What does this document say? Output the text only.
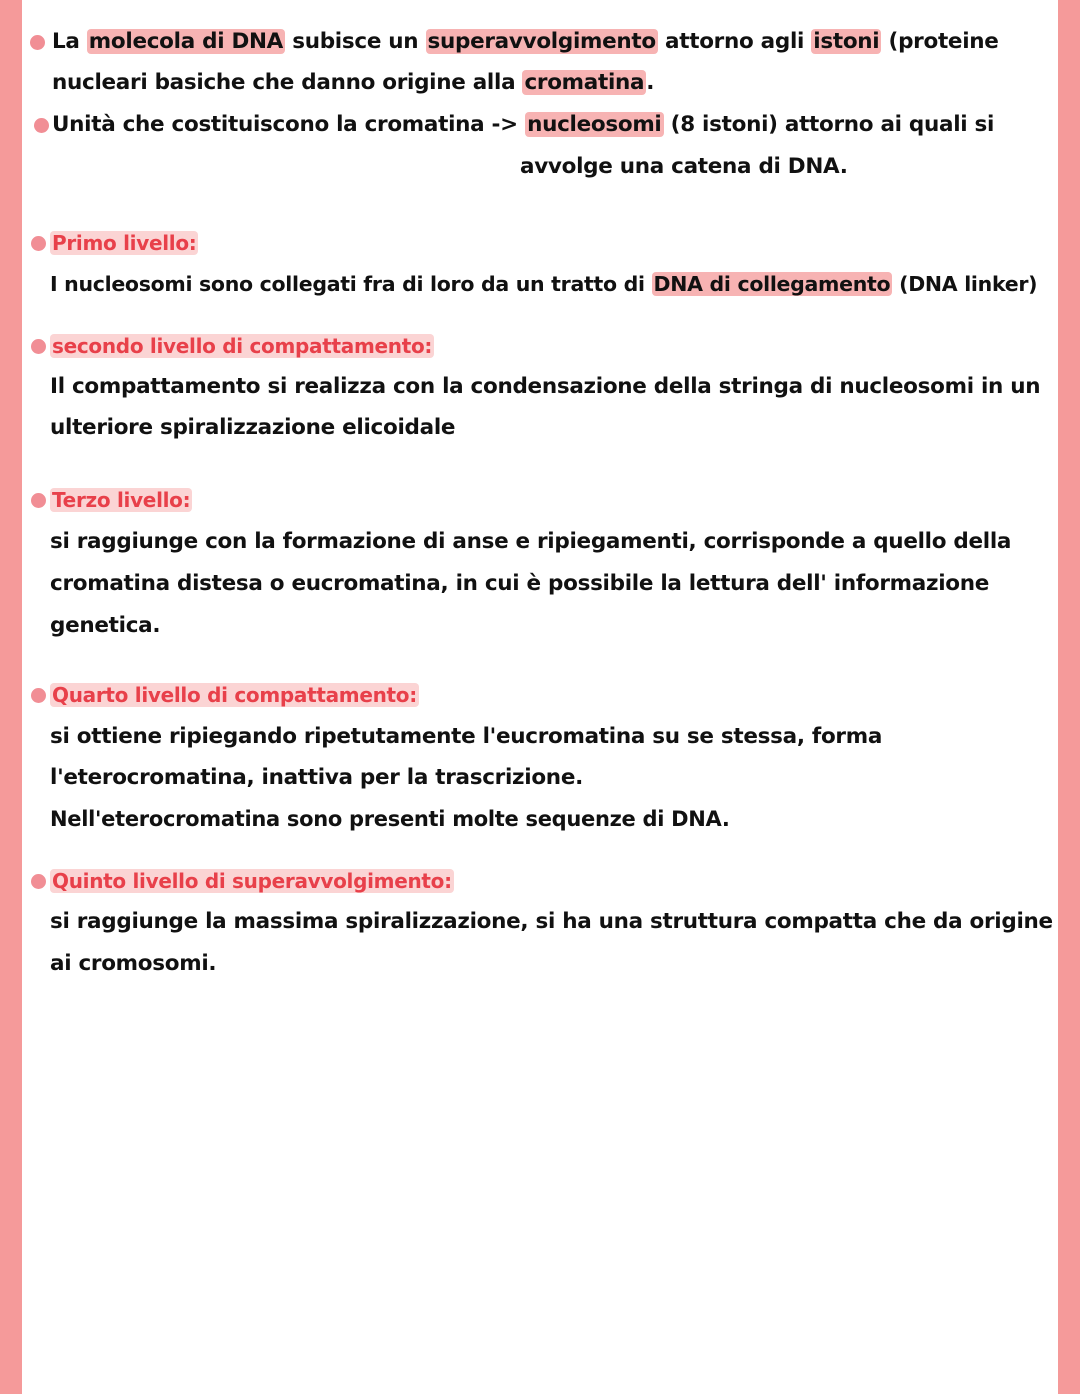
La molecola di DNA subisce un superavvolgimento attorno agli istoni (proteine
nucleari basiche che danno origine alla cromatina.
Unità che costituiscono la cromatina -> nucleosomi (8 istoni) attorno ai quali si
avvolge una catena di DNA.
Primo livello:
I nucleosomi sono collegati fra di loro da un tratto di DNA di collegamento (DNA linker)
secondo livello di compattamento:
Il compattamento si realizza con la condensazione della stringa di nucleosomi in un
ulteriore spiralizzazione elicoidale
Terzo livello:
si raggiunge con la formazione di anse e ripiegamenti, corrisponde a quello della
cromatina distesa o eucromatina, in cui è possibile la lettura dell' informazione
genetica.
Quarto livello di compattamento:
si ottiene ripiegando ripetutamente l'eucromatina su se stessa, forma
l'eterocromatina, inattiva per la trascrizione.
Nell'eterocromatina sono presenti molte sequenze di DNA.
Quinto livello di superavvolgimento:
si raggiunge la massima spiralizzazione, si ha una struttura compatta che da origine
ai cromosomi.
